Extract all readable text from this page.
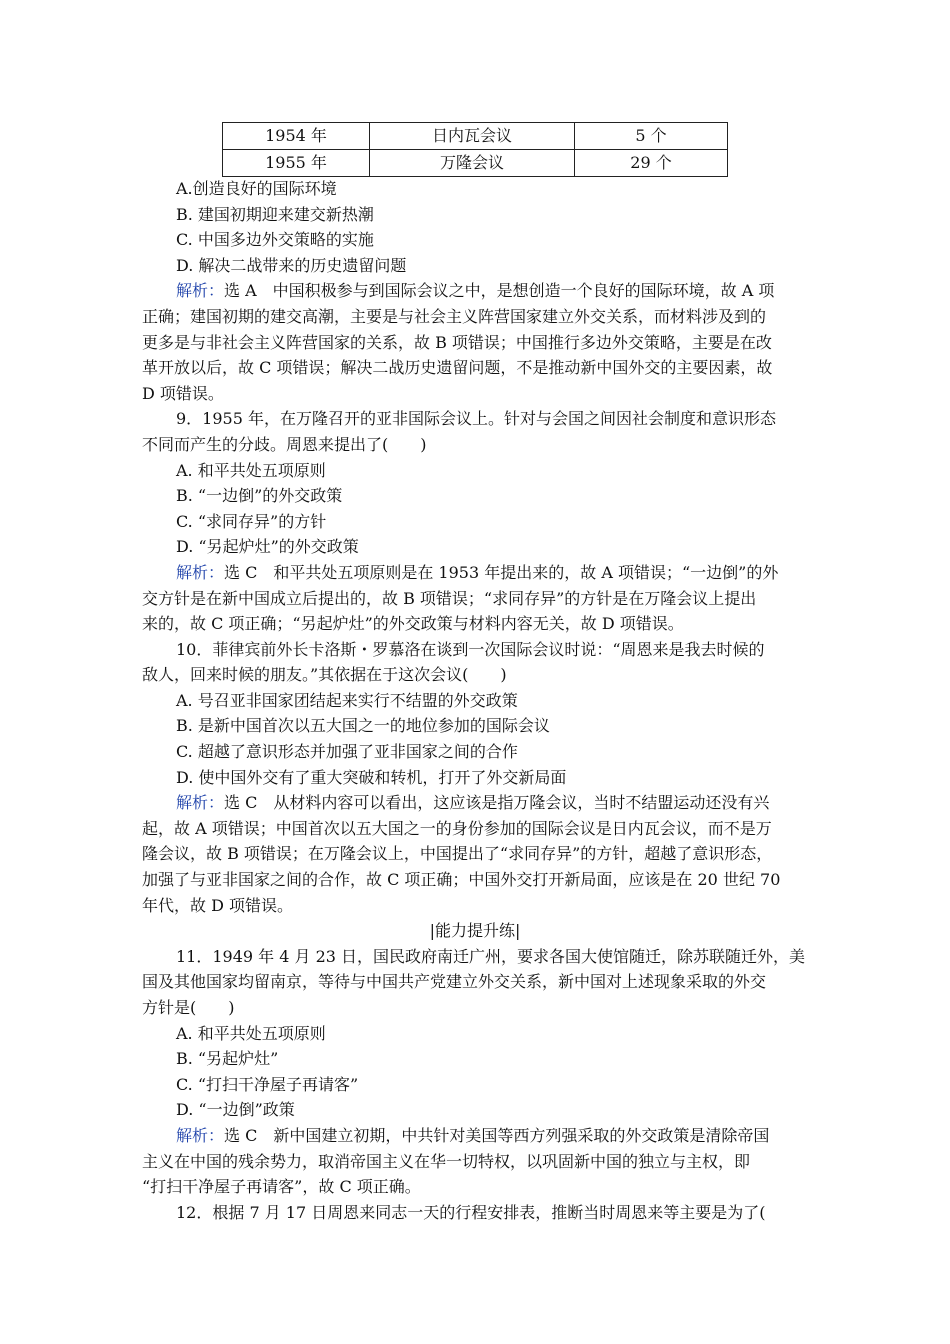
1954 年	日内瓦会议	5 个
1955 年	万隆会议	29 个
A.创造良好的国际环境
B. 建国初期迎来建交新热潮
C. 中国多边外交策略的实施
D. 解决二战带来的历史遗留问题
解析：选 A　中国积极参与到国际会议之中，是想创造一个良好的国际环境，故 A 项
正确；建国初期的建交高潮，主要是与社会主义阵营国家建立外交关系，而材料涉及到的
更多是与非社会主义阵营国家的关系，故 B 项错误；中国推行多边外交策略，主要是在改
革开放以后，故 C 项错误；解决二战历史遗留问题，不是推动新中国外交的主要因素，故
D 项错误。
9．1955 年，在万隆召开的亚非国际会议上。针对与会国之间因社会制度和意识形态
不同而产生的分歧。周恩来提出了(　　)
A. 和平共处五项原则
B. “一边倒”的外交政策
C. “求同存异”的方针
D. “另起炉灶”的外交政策
解析：选 C　和平共处五项原则是在 1953 年提出来的，故 A 项错误；“一边倒”的外
交方针是在新中国成立后提出的，故 B 项错误；“求同存异”的方针是在万隆会议上提出
来的，故 C 项正确；“另起炉灶”的外交政策与材料内容无关，故 D 项错误。
10．菲律宾前外长卡洛斯・罗慕洛在谈到一次国际会议时说：“周恩来是我去时候的
敌人，回来时候的朋友。”其依据在于这次会议(　　)
A. 号召亚非国家团结起来实行不结盟的外交政策
B. 是新中国首次以五大国之一的地位参加的国际会议
C. 超越了意识形态并加强了亚非国家之间的合作
D. 使中国外交有了重大突破和转机，打开了外交新局面
解析：选 C　从材料内容可以看出，这应该是指万隆会议，当时不结盟运动还没有兴
起，故 A 项错误；中国首次以五大国之一的身份参加的国际会议是日内瓦会议，而不是万
隆会议，故 B 项错误；在万隆会议上，中国提出了“求同存异”的方针，超越了意识形态，
加强了与亚非国家之间的合作，故 C 项正确；中国外交打开新局面，应该是在 20 世纪 70
年代，故 D 项错误。
|能力提升练|
11．1949 年 4 月 23 日，国民政府南迁广州，要求各国大使馆随迁，除苏联随迁外，美
国及其他国家均留南京，等待与中国共产党建立外交关系，新中国对上述现象采取的外交
方针是(　　)
A. 和平共处五项原则
B. “另起炉灶”
C. “打扫干净屋子再请客”
D. “一边倒”政策
解析：选 C　新中国建立初期，中共针对美国等西方列强采取的外交政策是清除帝国
主义在中国的残余势力，取消帝国主义在华一切特权，以巩固新中国的独立与主权，即
“打扫干净屋子再请客”，故 C 项正确。
12．根据 7 月 17 日周恩来同志一天的行程安排表，推断当时周恩来等主要是为了(
